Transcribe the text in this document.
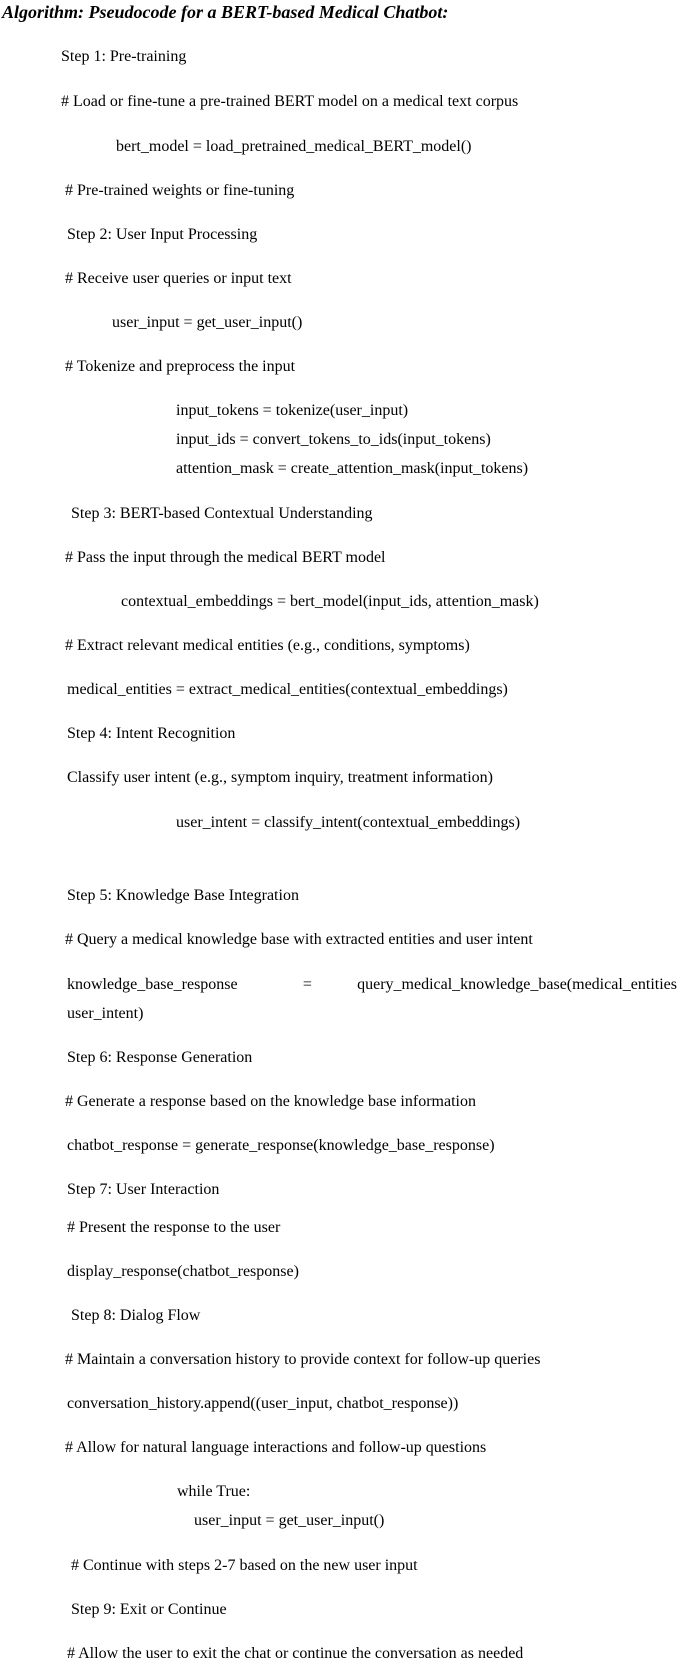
Algorithm: Pseudocode for a BERT-based Medical Chatbot:
Step 1: Pre-training
# Load or fine-tune a pre-trained BERT model on a medical text corpus
bert_model = load_pretrained_medical_BERT_model()
# Pre-trained weights or fine-tuning
Step 2: User Input Processing
# Receive user queries or input text
user_input = get_user_input()
# Tokenize and preprocess the input
input_tokens = tokenize(user_input)
input_ids = convert_tokens_to_ids(input_tokens)
attention_mask = create_attention_mask(input_tokens)
Step 3: BERT-based Contextual Understanding
# Pass the input through the medical BERT model
contextual_embeddings = bert_model(input_ids, attention_mask)
# Extract relevant medical entities (e.g., conditions, symptoms)
medical_entities = extract_medical_entities(contextual_embeddings)
Step 4: Intent Recognition
Classify user intent (e.g., symptom inquiry, treatment information)
user_intent = classify_intent(contextual_embeddings)
Step 5: Knowledge Base Integration
# Query a medical knowledge base with extracted entities and user intent
knowledge_base_response	=	query_medical_knowledge_base(medical_entities
user_intent)
Step 6: Response Generation
# Generate a response based on the knowledge base information
chatbot_response = generate_response(knowledge_base_response)
Step 7: User Interaction
# Present the response to the user
display_response(chatbot_response)
Step 8: Dialog Flow
# Maintain a conversation history to provide context for follow-up queries
conversation_history.append((user_input, chatbot_response))
# Allow for natural language interactions and follow-up questions
while True:
user_input = get_user_input()
# Continue with steps 2-7 based on the new user input
Step 9: Exit or Continue
# Allow the user to exit the chat or continue the conversation as needed
